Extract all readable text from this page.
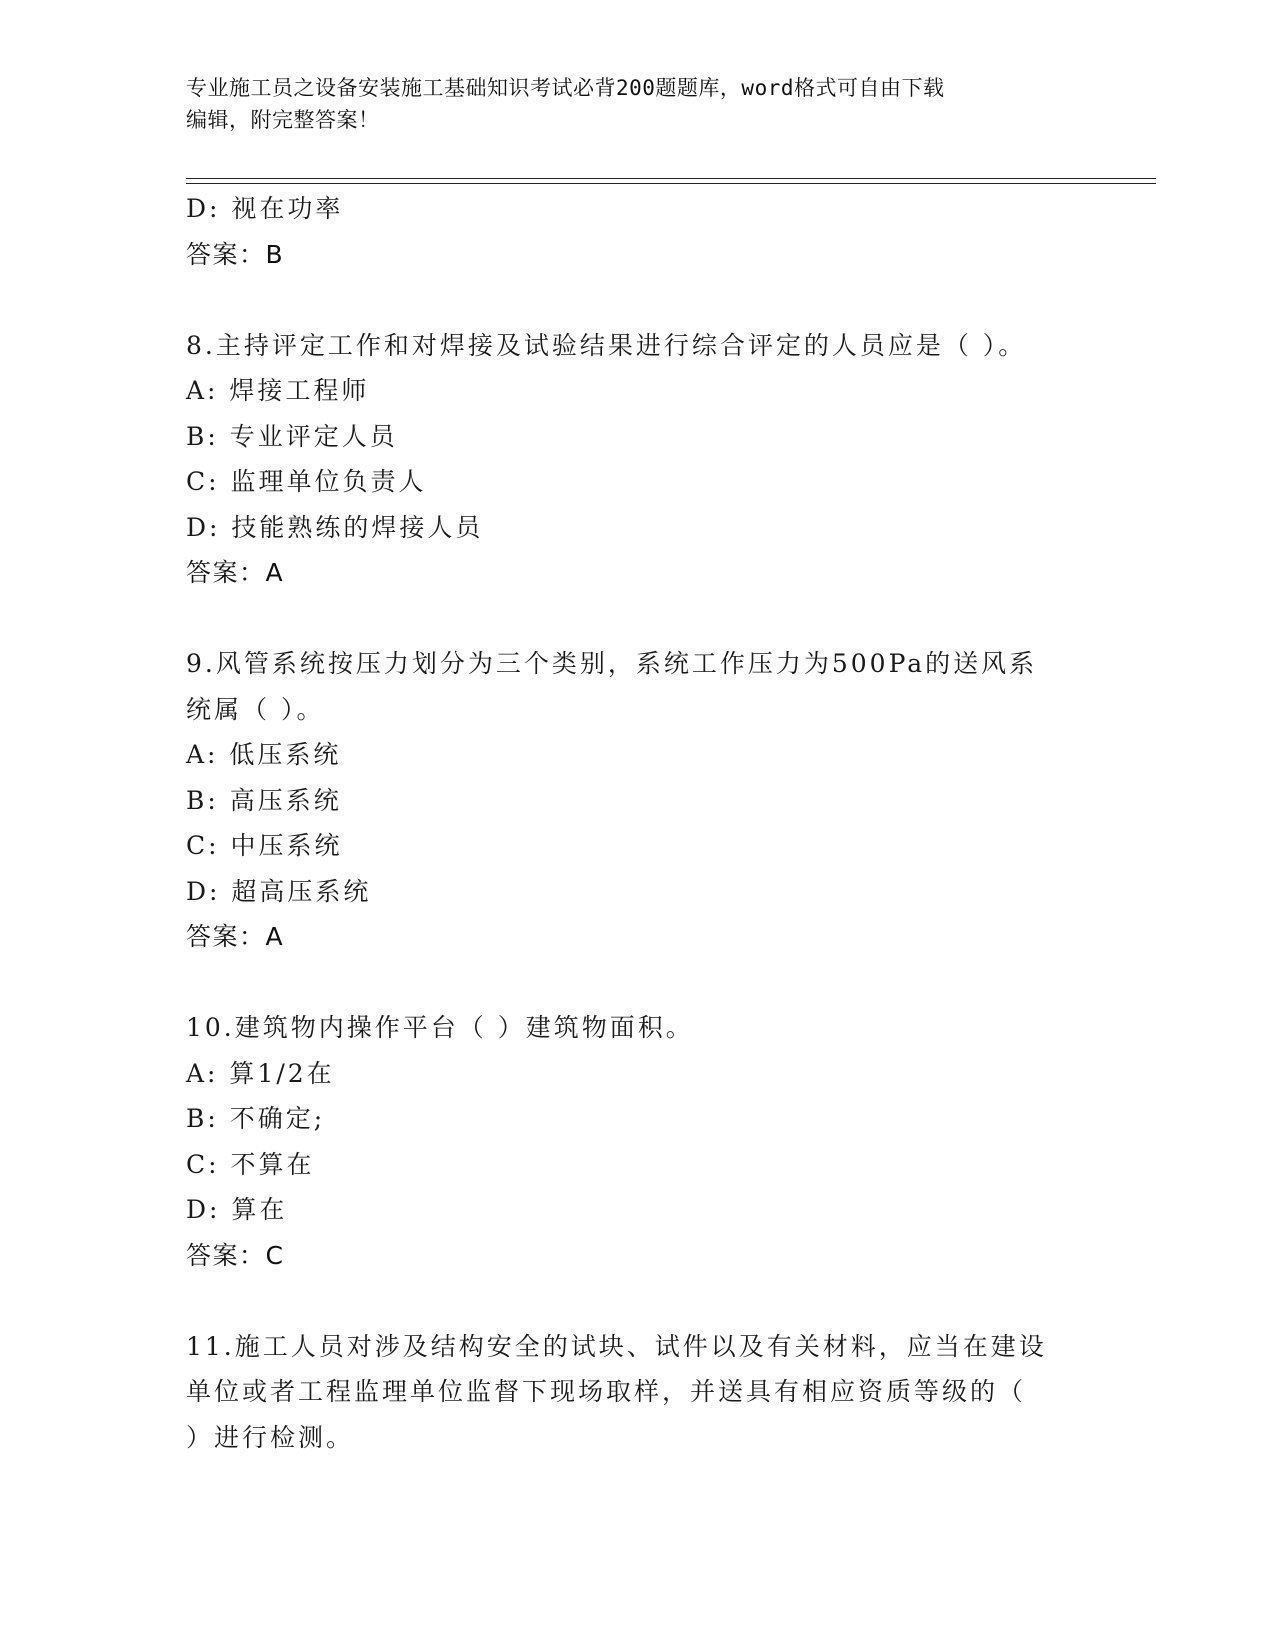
专业施工员之设备安装施工基础知识考试必背200题题库，word格式可自由下载
编辑，附完整答案！
D: 视在功率
答案：B
8.主持评定工作和对焊接及试验结果进行综合评定的人员应是（ ）。
A: 焊接工程师
B: 专业评定人员
C: 监理单位负责人
D: 技能熟练的焊接人员
答案：A
9.风管系统按压力划分为三个类别，系统工作压力为500Pa的送风系
统属（ ）。
A: 低压系统
B: 高压系统
C: 中压系统
D: 超高压系统
答案：A
10.建筑物内操作平台（ ）建筑物面积。
A: 算1/2在
B: 不确定;
C: 不算在
D: 算在
答案：C
11.施工人员对涉及结构安全的试块、试件以及有关材料，应当在建设
单位或者工程监理单位监督下现场取样，并送具有相应资质等级的（
）进行检测。
